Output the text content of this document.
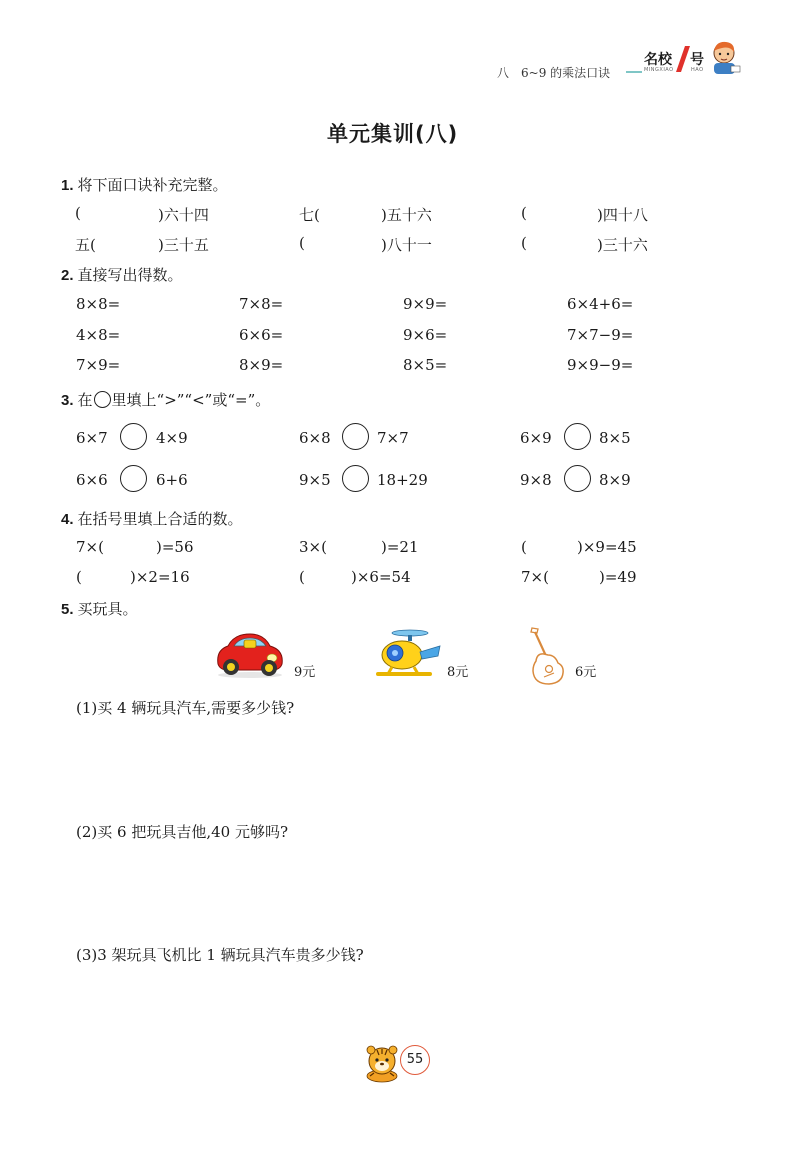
八 6~9 的乘法口诀
名校 号
MINGXIAO	HAO
单元集训(八)
1. 将下面口诀补充完整。
(	)六十四	七(	)五十六	(	)四十八
五(	)三十五	(	)八十一	(	)三十六
2. 直接写出得数。
8×8=	7×8=	9×9=	6×4+6=
4×8=	6×6=	9×6=	7×7−9=
7×9=	8×9=	8×5=	9×9−9=
3. 在 里填上“>”“<”或“=”。
6×7	4×9	6×8	7×7	6×9	8×5
6×6	6+6	9×5	18+29	9×8	8×9
4. 在括号里填上合适的数。
7×(	)=56	3×(	)=21	(	)×9=45
(	)×2=16	(	)×6=54	7×(	)=49
5. 买玩具。
9元	8元	6元
(1)买 4 辆玩具汽车,需要多少钱?
(2)买 6 把玩具吉他,40 元够吗?
(3)3 架玩具飞机比 1 辆玩具汽车贵多少钱?
55
